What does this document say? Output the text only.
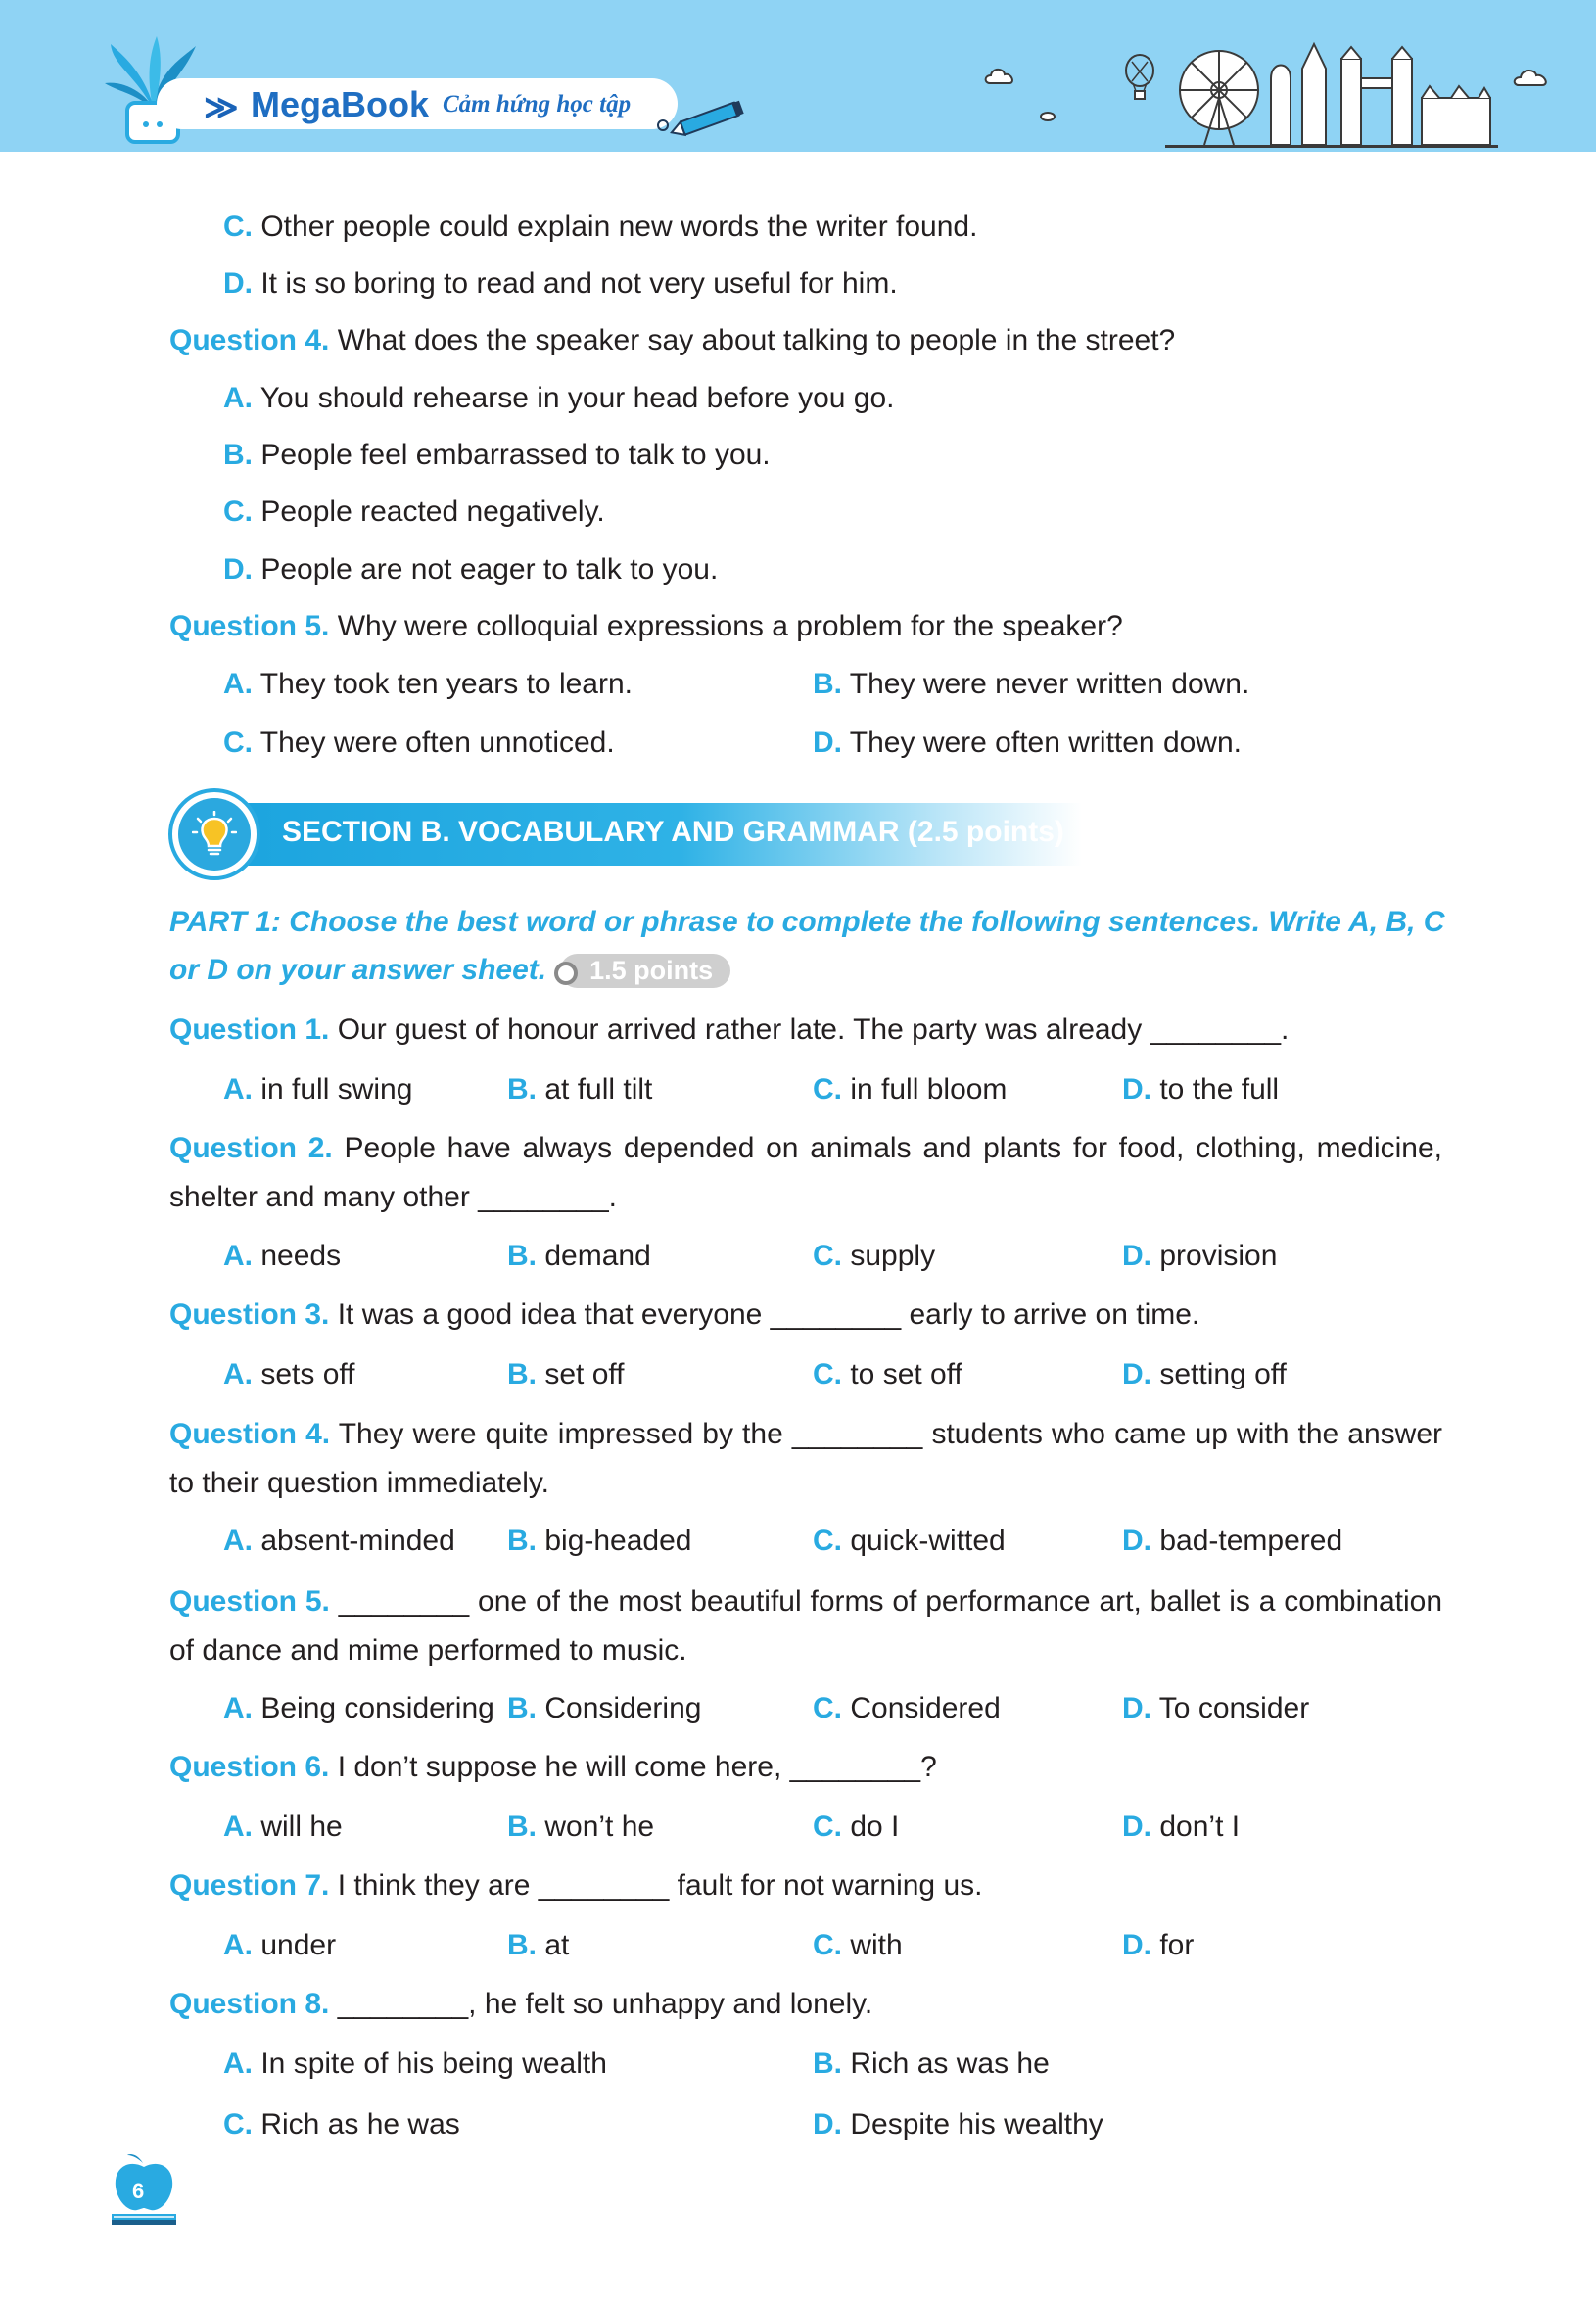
≫ MegaBook Cảm hứng học tập
C. Other people could explain new words the writer found.
D. It is so boring to read and not very useful for him.
Question 4. What does the speaker say about talking to people in the street?
A. You should rehearse in your head before you go.
B. People feel embarrassed to talk to you.
C. People reacted negatively.
D. People are not eager to talk to you.
Question 5. Why were colloquial expressions a problem for the speaker?
A. They took ten years to learn.	B. They were never written down.
C. They were often unnoticed.	D. They were often written down.
SECTION B. VOCABULARY AND GRAMMAR (2.5 points)
PART 1: Choose the best word or phrase to complete the following sentences. Write A, B, C
or D on your answer sheet. 1.5 points
Question 1. Our guest of honour arrived rather late. The party was already ________.
A. in full swing	B. at full tilt	C. in full bloom	D. to the full
Question 2. People have always depended on animals and plants for food, clothing, medicine, shelter and many other ________.
A. needs	B. demand	C. supply	D. provision
Question 3. It was a good idea that everyone ________ early to arrive on time.
A. sets off	B. set off	C. to set off	D. setting off
Question 4. They were quite impressed by the ________ students who came up with the answer to their question immediately.
A. absent-minded B. big-headed	C. quick-witted	D. bad-tempered
Question 5. ________ one of the most beautiful forms of performance art, ballet is a combination of dance and mime performed to music.
A. Being considering B. Considering	C. Considered	D. To consider
Question 6. I don’t suppose he will come here, ________?
A. will he	B. won’t he	C. do I	D. don’t I
Question 7. I think they are ________ fault for not warning us.
A. under	B. at	C. with	D. for
Question 8. ________, he felt so unhappy and lonely.
A. In spite of his being wealth	B. Rich as was he
C. Rich as he was	D. Despite his wealthy
6
